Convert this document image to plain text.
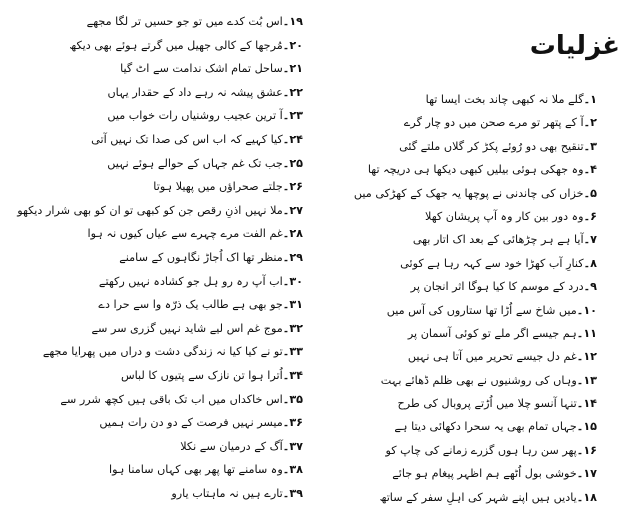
غزلیات
۱۔گلے ملا نہ کبھی چاند بخت ایسا تھا
۲۔آ کے پتھر تو مرے صحن میں دو چار گرے
۳۔تنقیح بھی دو رُوئے پکڑ کر گلاں ملتے گئی
۴۔وہ جھکی ہوئی بیلیں کبھی دیکھا ہی دریچہ تھا
۵۔خزاں کی چاندنی نے پوچھا یہ جھک کے کھڑکی میں
۶۔وہ دور بین کار وہ آپ پریشان کھلا
۷۔آیا ہے ہر چڑھائی کے بعد اک اتار بھی
۸۔کنارِ آب کھڑا خود سے کہہ رہا ہے کوئی
۹۔درد کے موسم کا کیا ہوگا اثر انجان پر
۱۰۔میں شاخ سے اُڑا تھا ستاروں کی آس میں
۱۱۔ہم جیسے اگر ملے تو کوئی آسمان پر
۱۲۔غم دل جیسے تحریر میں آتا ہی نہیں
۱۳۔وہاں کی روشنیوں نے بھی ظلم ڈھائے بہت
۱۴۔تنہا آنسو چلا میں اُڑتے پروبال کی طرح
۱۵۔جہاں تمام بھی یہ سحرا دکھائی دیتا ہے
۱۶۔پھر سن رہا ہوں گزرے زمانے کی چاپ کو
۱۷۔خوشی بول اُٹھے ہم اظہر پیغام ہو جائے
۱۸۔یادیں ہیں اپنے شہر کی اہلِ سفر کے ساتھ
۱۹۔اس بُت کدے میں تو جو حسیں تر لگا مجھے
۲۰۔مُرجھا کے کالی جھیل میں گرتے ہوئے بھی دیکھ
۲۱۔ساحل تمام اشک ندامت سے اٹ گیا
۲۲۔عشق پیشہ نہ رہے داد کے حقدار یہاں
۲۳۔آ ترین عجیب روشنیاں رات خواب میں
۲۴۔کیا کہیے کہ اب اس کی صدا تک نہیں آتی
۲۵۔جب تک غم جہاں کے حوالے ہوئے نہیں
۲۶۔جلتے صحراؤں میں پھیلا ہوتا
۲۷۔ملا نہیں اذنِ رقص جن کو کبھی تو ان کو بھی شرار دیکھو
۲۸۔غم الفت مرے چہرے سے عیاں کیوں نہ ہوا
۲۹۔منظر تھا اک اُجاڑ نگاہوں کے سامنے
۳۰۔اب آپ رہ رو ہل جو کشادہ نہیں رکھتے
۳۱۔جو بھی ہے طالب یک ذرّہ وا سے حرا دے
۳۲۔موج غم اس لیے شاید نہیں گزری سر سے
۳۳۔تو نے کیا کیا نہ زندگی دشت و دراں میں پھرایا مجھے
۳۴۔اُترا ہوا تن نازک سے پتیوں کا لباس
۳۵۔اس خاکداں میں اب تک باقی ہیں کچھ شرر سے
۳۶۔میسر نہیں فرصت کے دو دن رات ہمیں
۳۷۔آگ کے درمیان سے نکلا
۳۸۔وہ سامنے تھا پھر بھی کہاں سامنا ہوا
۳۹۔تارے ہیں نہ ماہتاب یارو
